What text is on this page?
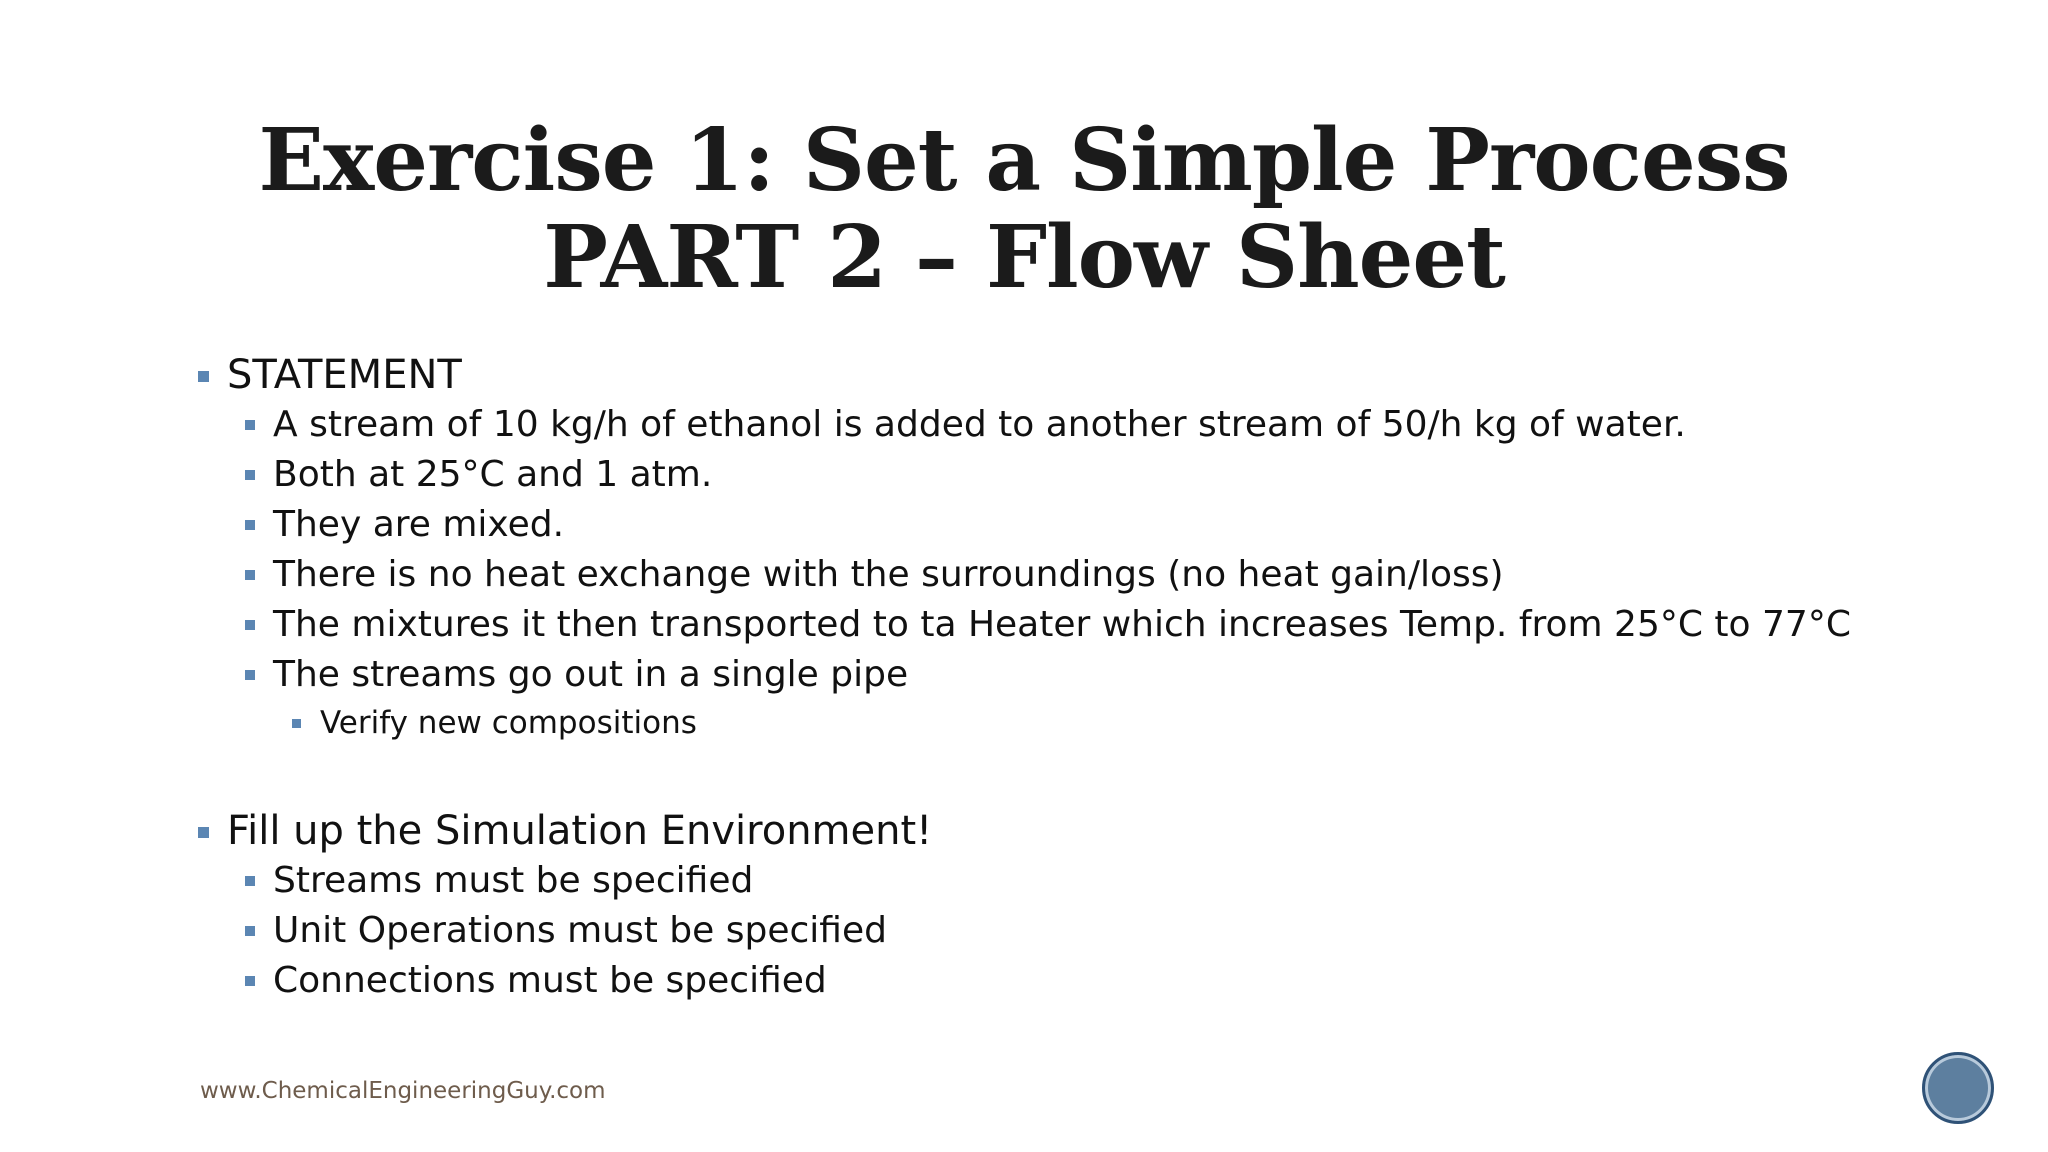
Exercise 1: Set a Simple Process
PART 2 – Flow Sheet
STATEMENT
A stream of 10 kg/h of ethanol is added to another stream of 50/h kg of water.
Both at 25°C and 1 atm.
They are mixed.
There is no heat exchange with the surroundings (no heat gain/loss)
The mixtures it then transported to ta Heater which increases Temp. from 25°C to 77°C
The streams go out in a single pipe
Verify new compositions
Fill up the Simulation Environment!
Streams must be specified
Unit Operations must be specified
Connections must be specified
www.ChemicalEngineeringGuy.com
